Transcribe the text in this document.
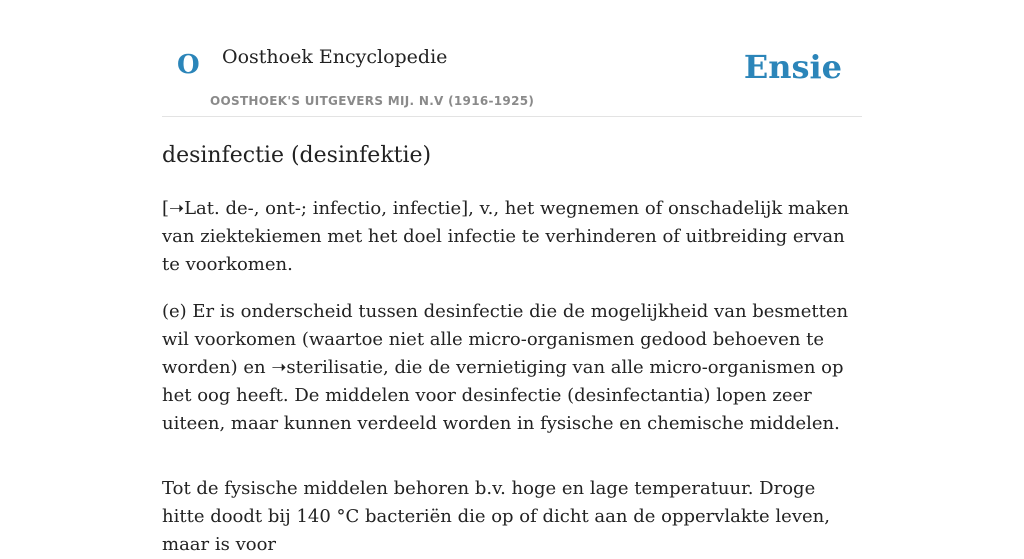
O Oosthoek Encyclopedie
OOSTHOEK'S UITGEVERS MIJ. N.V (1916-1925)
Ensie
desinfectie (desinfektie)

[➝Lat. de-, ont-; infectio, infectie], v., het wegnemen of onschadelijk maken van ziektekiemen met het doel infectie te verhinderen of uitbreiding ervan te voorkomen.

(e) Er is onderscheid tussen desinfectie die de mogelijkheid van besmetten wil voorkomen (waartoe niet alle micro-organismen gedood behoeven te worden) en ➝sterilisatie, die de vernietiging van alle micro-organismen op het oog heeft. De middelen voor desinfectie (desinfectantia) lopen zeer uiteen, maar kunnen verdeeld worden in fysische en chemische middelen.

Tot de fysische middelen behoren b.v. hoge en lage temperatuur. Droge hitte doodt bij 140 °C bacteriën die op of dicht aan de oppervlakte leven, maar is voor
